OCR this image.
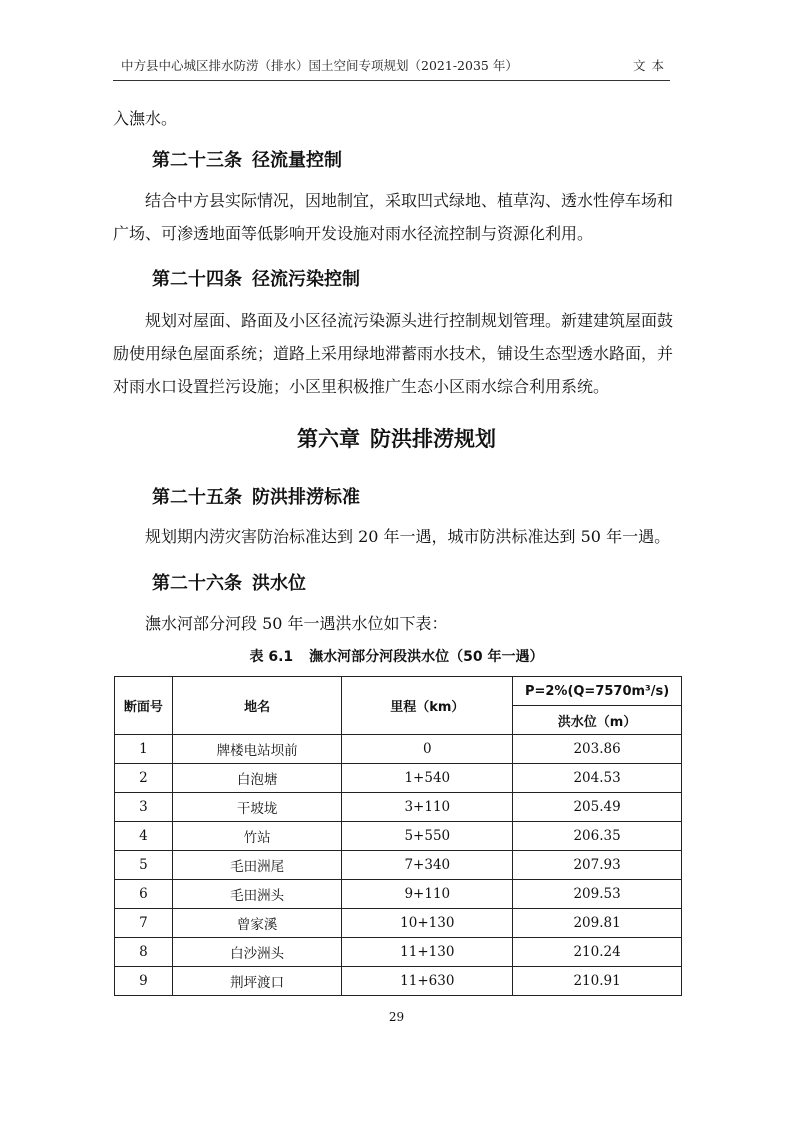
中方县中心城区排水防涝（排水）国土空间专项规划（2021-2035 年）	文本

入潕水。

第二十三条 径流量控制

结合中方县实际情况，因地制宜，采取凹式绿地、植草沟、透水性停车场和广场、可渗透地面等低影响开发设施对雨水径流控制与资源化利用。

第二十四条 径流污染控制

规划对屋面、路面及小区径流污染源头进行控制规划管理。新建建筑屋面鼓励使用绿色屋面系统；道路上采用绿地滞蓄雨水技术，铺设生态型透水路面，并对雨水口设置拦污设施；小区里积极推广生态小区雨水综合利用系统。

第六章 防洪排涝规划
第二十五条 防洪排涝标准

规划期内涝灾害防治标准达到 20 年一遇，城市防洪标准达到 50 年一遇。

第二十六条 洪水位

潕水河部分河段 50 年一遇洪水位如下表：

表 6.1 潕水河部分河段洪水位（50 年一遇）
断面号	地名	里程（km）	P=2%(Q=7570m³/s)
			洪水位（m）
1	牌楼电站坝前	0	203.86
2	白泡塘	1+540	204.53
3	干坡垅	3+110	205.49
4	竹站	5+550	206.35
5	毛田洲尾	7+340	207.93
6	毛田洲头	9+110	209.53
7	曾家溪	10+130	209.81
8	白沙洲头	11+130	210.24
9	荆坪渡口	11+630	210.91
29
